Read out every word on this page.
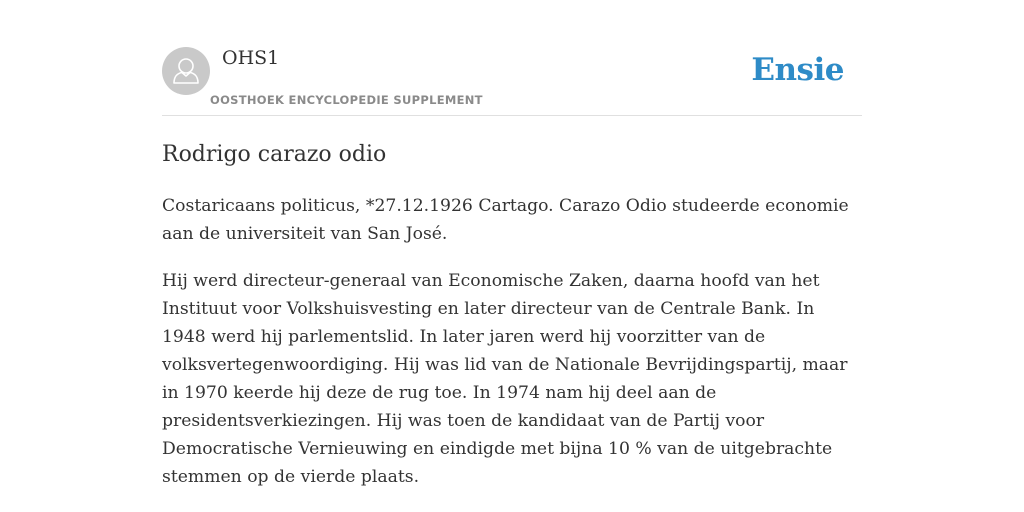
OHS1
OOSTHOEK ENCYCLOPEDIE SUPPLEMENT
Ensie
Rodrigo carazo odio

Costaricaans politicus, *27.12.1926 Cartago. Carazo Odio studeerde economie aan de universiteit van San José.

Hij werd directeur-generaal van Economische Zaken, daarna hoofd van het Instituut voor Volkshuisvesting en later directeur van de Centrale Bank. In 1948 werd hij parlementslid. In later jaren werd hij voorzitter van de volksvertegenwoordiging. Hij was lid van de Nationale Bevrijdingspartij, maar in 1970 keerde hij deze de rug toe. In 1974 nam hij deel aan de presidentsverkiezingen. Hij was toen de kandidaat van de Partij voor Democratische Vernieuwing en eindigde met bijna 10 % van de uitgebrachte stemmen op de vierde plaats.
